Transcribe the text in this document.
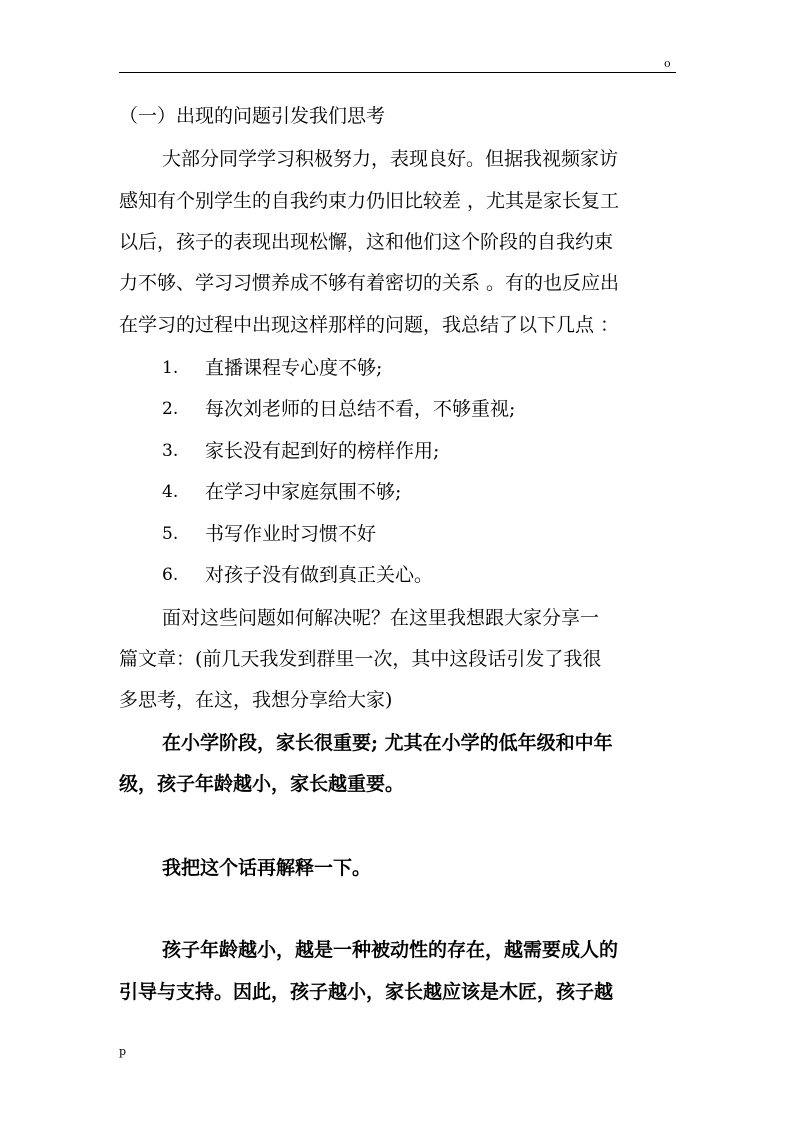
o
（一）出现的问题引发我们思考
大部分同学学习积极努力，表现良好。但据我视频家访
感知有个别学生的自我约束力仍旧比较差 ，尤其是家长复工
以后，孩子的表现出现松懈，这和他们这个阶段的自我约束
力不够、学习习惯养成不够有着密切的关系 。有的也反应出
在学习的过程中出现这样那样的问题，我总结了以下几点 ：
1. 直播课程专心度不够;
2. 每次刘老师的日总结不看，不够重视;
3. 家长没有起到好的榜样作用;
4. 在学习中家庭氛围不够;
5. 书写作业时习惯不好
6. 对孩子没有做到真正关心。
面对这些问题如何解决呢？在这里我想跟大家分享一
篇文章：(前几天我发到群里一次，其中这段话引发了我很
多思考，在这，我想分享给大家)
在小学阶段，家长很重要; 尤其在小学的低年级和中年
级，孩子年龄越小，家长越重要。
我把这个话再解释一下。
孩子年龄越小，越是一种被动性的存在，越需要成人的
引导与支持。因此，孩子越小，家长越应该是木匠，孩子越
p
